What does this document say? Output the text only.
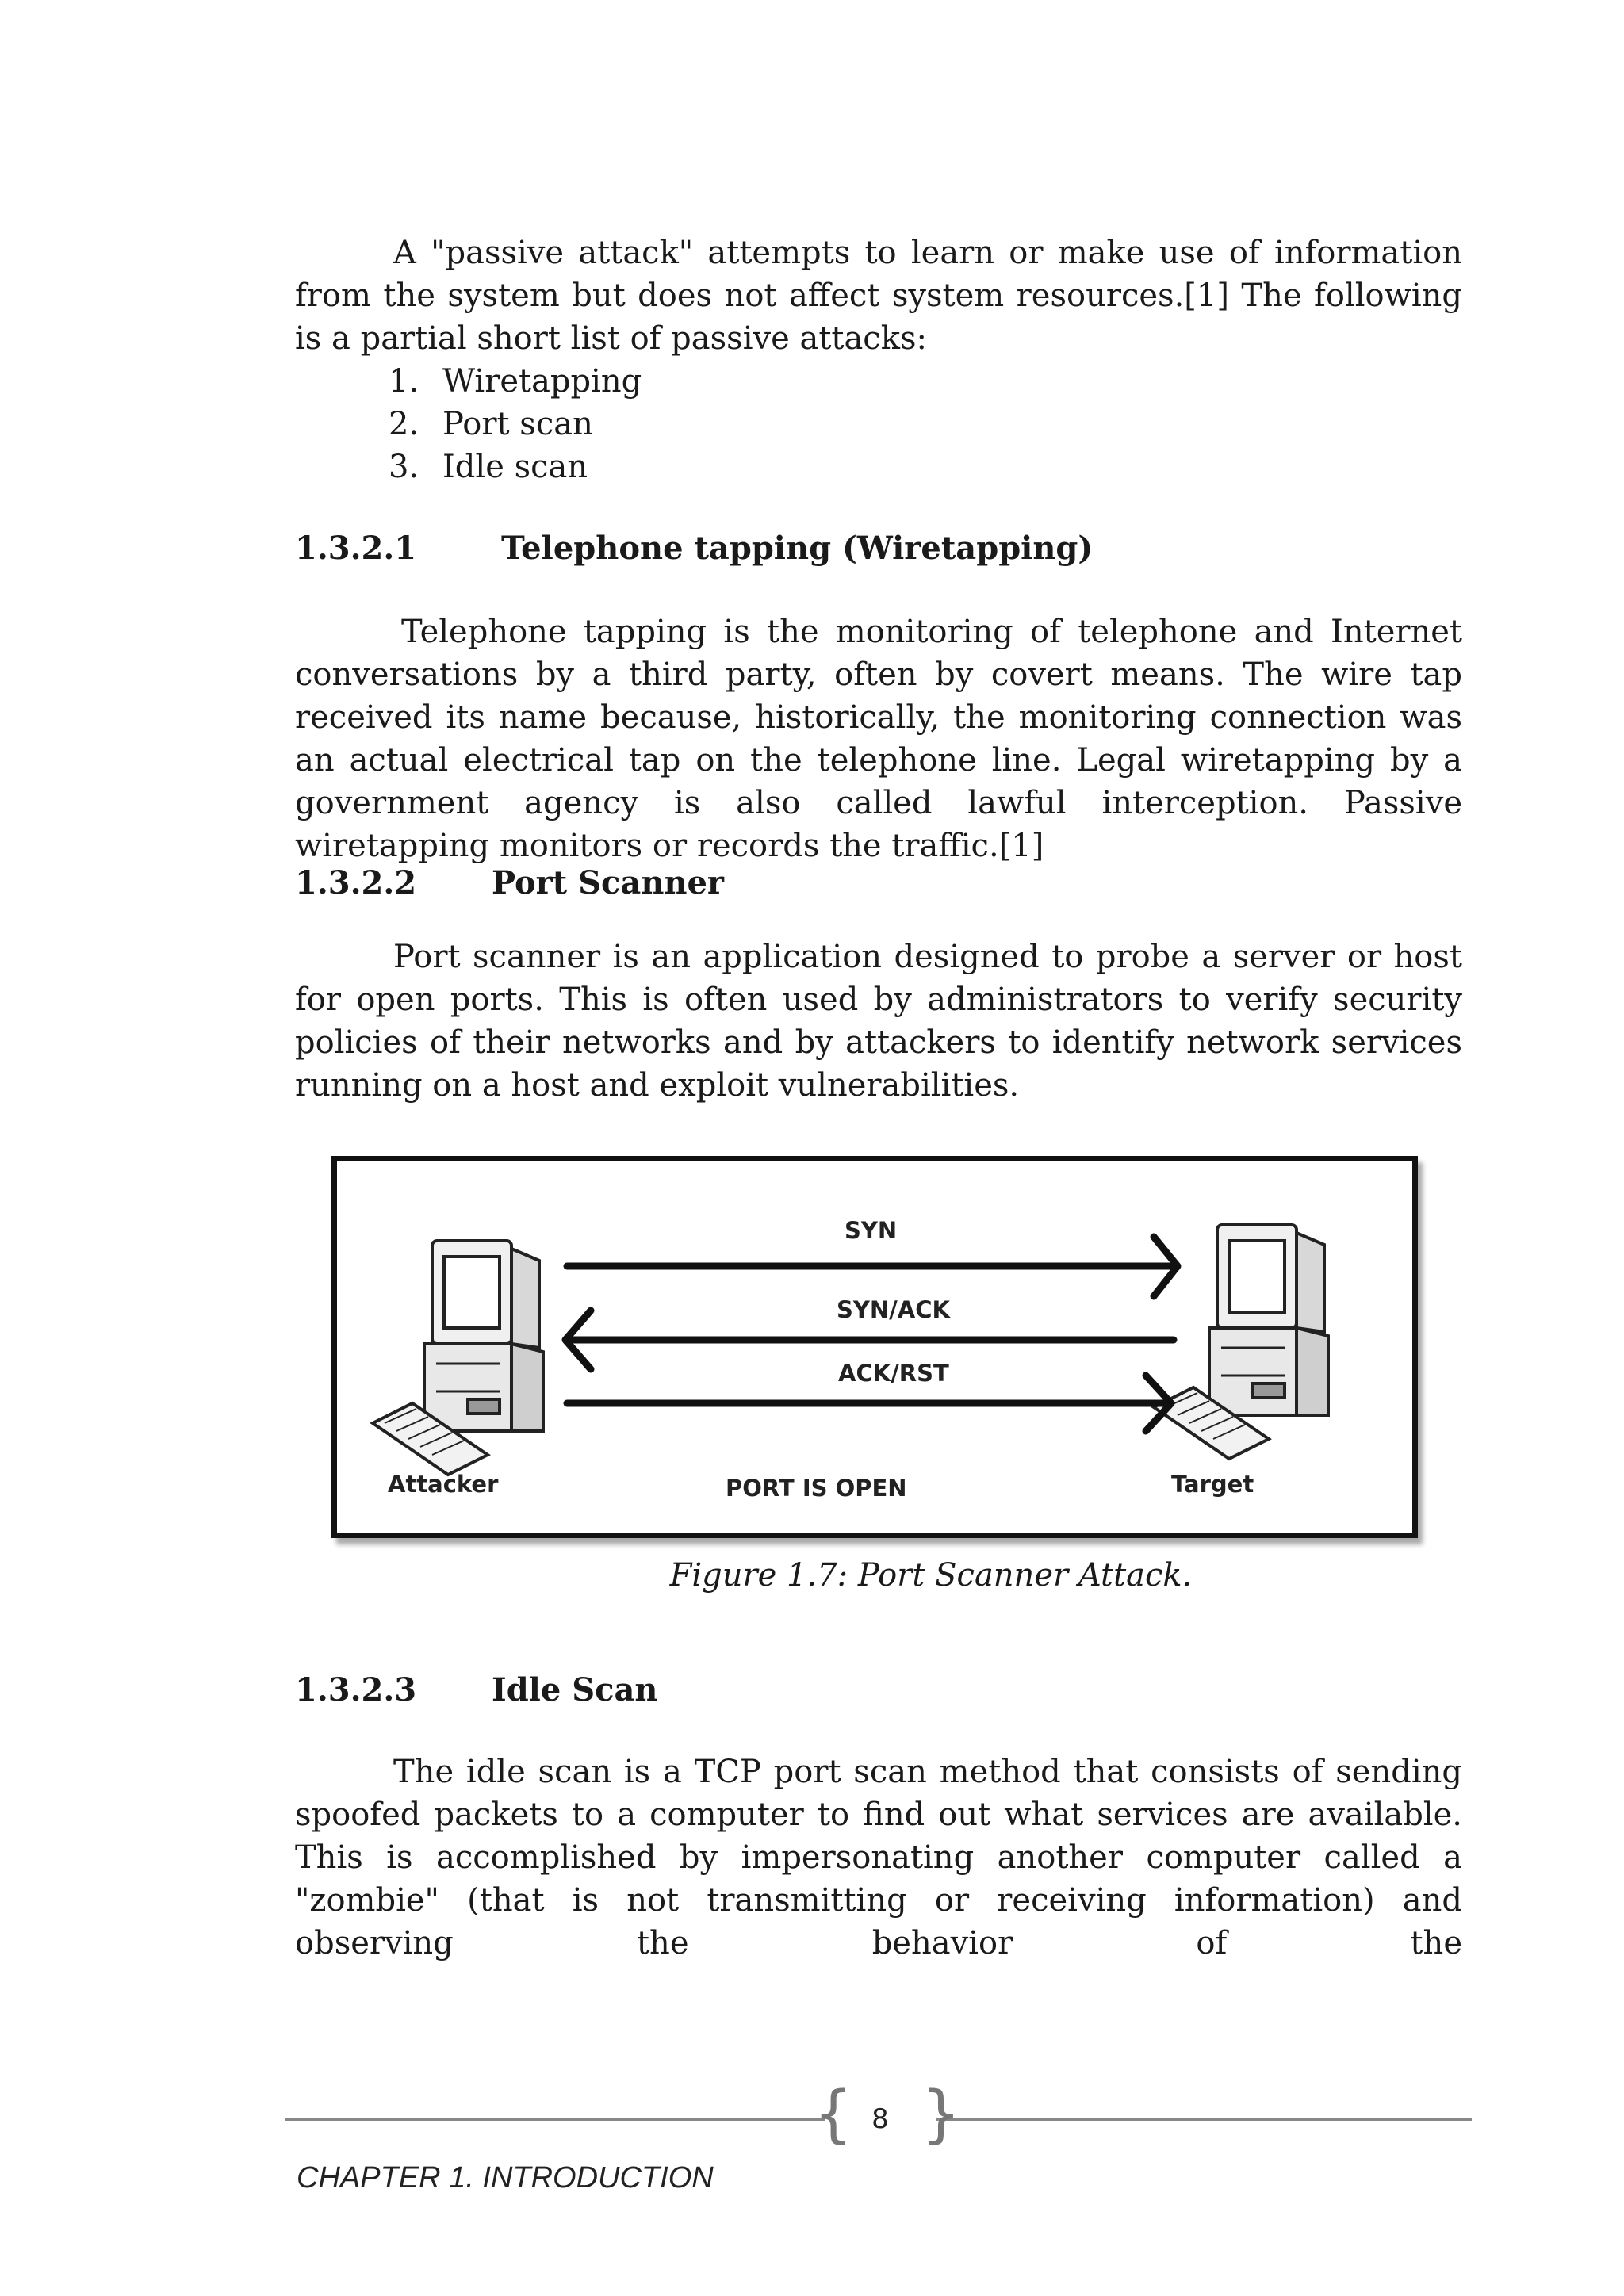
A "passive attack" attempts to learn or make use of information from the system but does not affect system resources.[1] The following is a partial short list of passive attacks:

1. Wiretapping
2. Port scan
3. Idle scan
1.3.2.1	Telephone tapping (Wiretapping)

Telephone tapping is the monitoring of telephone and Internet conversations by a third party, often by covert means. The wire tap received its name because, historically, the monitoring connection was an actual electrical tap on the telephone line. Legal wiretapping by a government agency is also called lawful interception. Passive wiretapping monitors or records the traffic.[1]

1.3.2.2	Port Scanner

Port scanner is an application designed to probe a server or host for open ports. This is often used by administrators to verify security policies of their networks and by attackers to identify network services running on a host and exploit vulnerabilities.

SYN
SYN/ACK
ACK/RST
Attacker	PORT IS OPEN	Target
Figure 1.7: Port Scanner Attack.
1.3.2.3	Idle Scan

The idle scan is a TCP port scan method that consists of sending spoofed packets to a computer to find out what services are available. This is accomplished by impersonating another computer called a "zombie" (that is not transmitting or receiving information) and observing the behavior of the

{ }
8
CHAPTER 1. INTRODUCTION
